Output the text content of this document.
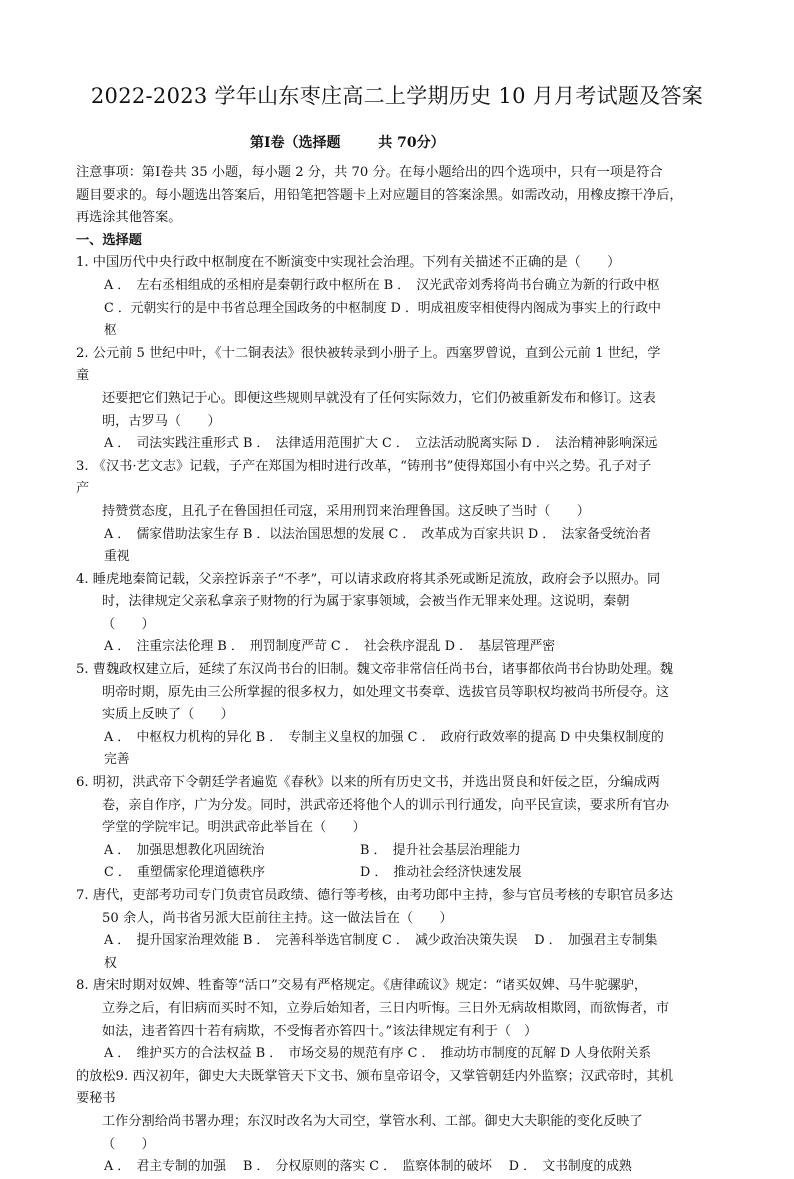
2022-2023 学年山东枣庄高二上学期历史 10 月月考试题及答案
第Ⅰ卷（选择题 　　 共 70分）

注意事项：第Ⅰ卷共 35 小题，每小题 2 分，共 70 分。在每小题给出的四个选项中，只有一项是符合

题目要求的。每小题选出答案后，用铅笔把答题卡上对应题目的答案涂黑。如需改动，用橡皮擦干净后，

再选涂其他答案。

一、选择题

1. 中国历代中央行政中枢制度在不断演变中实现社会治理。下列有关描述不正确的是（　　）

A ．　左右丞相组成的丞相府是秦朝行政中枢所在 B ．　汉光武帝刘秀将尚书台确立为新的行政中枢

C ．元朝实行的是中书省总理全国政务的中枢制度 D ．明成祖废宰相使得内阁成为事实上的行政中

枢

2. 公元前 5 世纪中叶，《十二铜表法》很快被转录到小册子上。西塞罗曾说，直到公元前 1 世纪，学

童

还要把它们熟记于心。即便这些规则早就没有了任何实际效力，它们仍被重新发布和修订。这表

明，古罗马（　　）

A ．　司法实践注重形式 B ．　法律适用范围扩大 C ．　立法活动脱离实际 D ．　法治精神影响深远

3. 《汉书·艺文志》记载，子产在郑国为相时进行改革，“铸刑书”使得郑国小有中兴之势。孔子对子

产

持赞赏态度，且孔子在鲁国担任司寇，采用刑罚来治理鲁国。这反映了当时（　　）

A ．　儒家借助法家生存 B ．以法治国思想的发展 C ．　改革成为百家共识 D ．　法家备受统治者

重视

4. 睡虎地秦简记载，父亲控诉亲子“不孝”，可以请求政府将其杀死或断足流放，政府会予以照办。同

时，法律规定父亲私拿亲子财物的行为属于家事领域，会被当作无罪来处理。这说明，秦朝

（　　）

A ．　注重宗法伦理 B ．　刑罚制度严苛 C ．　社会秩序混乱 D ．　基层管理严密

5. 曹魏政权建立后，延续了东汉尚书台的旧制。魏文帝非常信任尚书台，诸事都依尚书台协助处理。魏

明帝时期，原先由三公所掌握的很多权力，如处理文书奏章、选拔官员等职权均被尚书所侵夺。这

实质上反映了（　　）

A ．　中枢权力机构的异化 B ．　专制主义皇权的加强 C ．　政府行政效率的提高 D 中央集权制度的

完善

6. 明初，洪武帝下令朝廷学者遍览《春秋》以来的所有历史文书，并选出贤良和奸佞之臣，分编成两

卷，亲自作序，广为分发。同时，洪武帝还将他个人的训示刊行通发，向平民宣读，要求所有官办

学堂的学院牢记。明洪武帝此举旨在（　　）

A ．　加强思想教化巩固统治	B ．　提升社会基层治理能力
C ．　重塑儒家伦理道德秩序	D ．　推动社会经济快速发展

7. 唐代，吏部考功司专门负责官员政绩、德行等考核，由考功郎中主持，参与官员考核的专职官员多达

50 余人，尚书省另派大臣前往主持。这一做法旨在（　　）

A ．　提升国家治理效能 B ．　完善科举选官制度 C ．　减少政治决策失误　 D ．　加强君主专制集

权

8. 唐宋时期对奴婢、牲畜等“活口”交易有严格规定。《唐律疏议》规定：“诸买奴婢、马牛驼骡驴，

立券之后，有旧病而买时不知，立券后始知者，三日内听悔。三日外无病故相欺罔，而欲悔者，市

如法，违者笞四十若有病欺，不受悔者亦笞四十。”该法律规定有利于（　）

A ．　维护买方的合法权益 B ．　市场交易的规范有序 C ．　推动坊市制度的瓦解 D 人身依附关系

的放松9. 西汉初年，御史大夫既掌管天下文书、颁布皇帝诏令，又掌管朝廷内外监察；汉武帝时，其机

要秘书

工作分割给尚书署办理；东汉时改名为大司空，掌管水利、工部。御史大夫职能的变化反映了

（　　）

A ．　君主专制的加强　 B ．　分权原则的落实 C ．　监察体制的破坏　 D ．　文书制度的成熟
